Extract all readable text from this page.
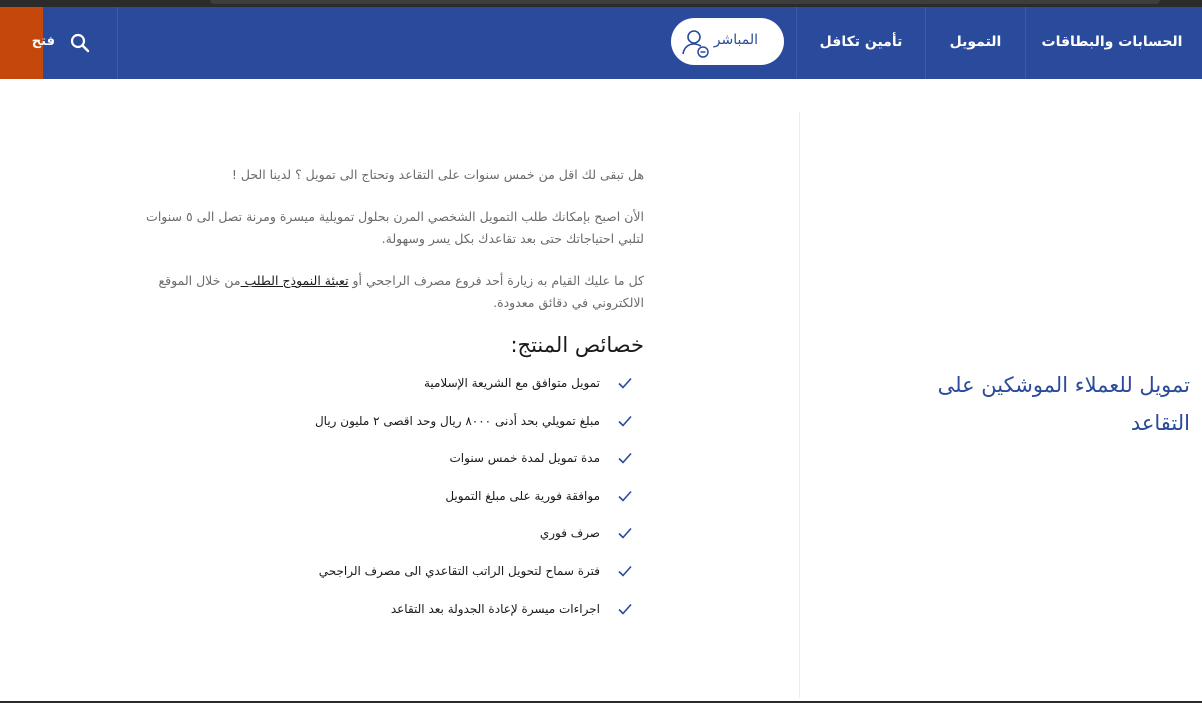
فتح	المباشر	تأمين تكافل	التمويل	الحسابات والبطاقات
تمويل للعملاء الموشكين على التقاعد

هل تبقى لك اقل من خمس سنوات على التقاعد وتحتاج الى تمويل ؟ لدينا الحل !

الأن اصبح بإمكانك طلب التمويل الشخصي المرن بحلول تمويلية ميسرة ومرنة تصل الى ٥ سنوات لتلبي احتياجاتك حتى بعد تقاعدك بكل يسر وسهولة.

كل ما عليك القيام به زيارة أحد فروع مصرف الراجحي أو تعبئة النموذج الطلب من خلال الموقع الالكتروني في دقائق معدودة.

خصائص المنتج:
تمويل متوافق مع الشريعة الإسلامية
مبلغ تمويلي بحد أدنى ٨٠٠٠ ريال وحد اقصى ٢ مليون ريال
مدة تمويل لمدة خمس سنوات
موافقة فورية على مبلغ التمويل
صرف فوري
فترة سماح لتحويل الراتب التقاعدي الى مصرف الراجحي
اجراءات ميسرة لإعادة الجدولة بعد التقاعد
